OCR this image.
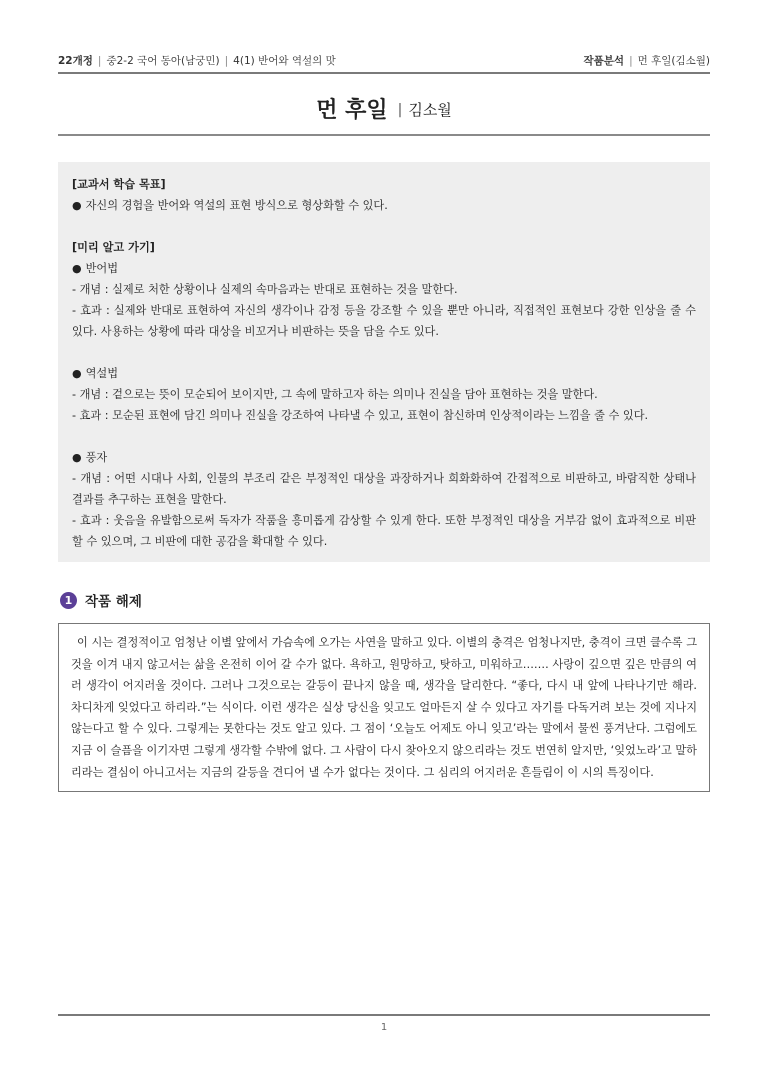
22개정 | 중2-2 국어 동아(남궁민) | 4(1) 반어와 역설의 맛	작품분석 | 먼 후일(김소월)
먼 후일 | 김소월

[교과서 학습 목표]

● 자신의 경험을 반어와 역설의 표현 방식으로 형상화할 수 있다.

[미리 알고 가기]

● 반어법

- 개념 : 실제로 처한 상황이나 실제의 속마음과는 반대로 표현하는 것을 말한다.

- 효과 : 실제와 반대로 표현하여 자신의 생각이나 감정 등을 강조할 수 있을 뿐만 아니라, 직접적인 표현보다 강한 인상을 줄 수 있다. 사용하는 상황에 따라 대상을 비꼬거나 비판하는 뜻을 담을 수도 있다.

● 역설법

- 개념 : 겉으로는 뜻이 모순되어 보이지만, 그 속에 말하고자 하는 의미나 진실을 담아 표현하는 것을 말한다.

- 효과 : 모순된 표현에 담긴 의미나 진실을 강조하여 나타낼 수 있고, 표현이 참신하며 인상적이라는 느낌을 줄 수 있다.

● 풍자

- 개념 : 어떤 시대나 사회, 인물의 부조리 같은 부정적인 대상을 과장하거나 희화화하여 간접적으로 비판하고, 바람직한 상태나 결과를 추구하는 표현을 말한다.

- 효과 : 웃음을 유발함으로써 독자가 작품을 흥미롭게 감상할 수 있게 한다. 또한 부정적인 대상을 거부감 없이 효과적으로 비판할 수 있으며, 그 비판에 대한 공감을 확대할 수 있다.

1 작품 해제

이 시는 결정적이고 엄청난 이별 앞에서 가슴속에 오가는 사연을 말하고 있다. 이별의 충격은 엄청나지만, 충격이 크면 클수록 그것을 이겨 내지 않고서는 삶을 온전히 이어 갈 수가 없다. 욕하고, 원망하고, 탓하고, 미워하고……. 사랑이 깊으면 깊은 만큼의 여러 생각이 어지러울 것이다. 그러나 그것으로는 갈등이 끝나지 않을 때, 생각을 달리한다. “좋다, 다시 내 앞에 나타나기만 해라. 차디차게 잊었다고 하리라.”는 식이다. 이런 생각은 실상 당신을 잊고도 얼마든지 살 수 있다고 자기를 다독거려 보는 것에 지나지 않는다고 할 수 있다. 그렇게는 못한다는 것도 알고 있다. 그 점이 ‘오늘도 어제도 아니 잊고’라는 말에서 물씬 풍겨난다. 그럼에도 지금 이 슬픔을 이기자면 그렇게 생각할 수밖에 없다. 그 사람이 다시 찾아오지 않으리라는 것도 번연히 알지만, ‘잊었노라’고 말하리라는 결심이 아니고서는 지금의 갈등을 견디어 낼 수가 없다는 것이다. 그 심리의 어지러운 흔들림이 이 시의 특징이다.

1
